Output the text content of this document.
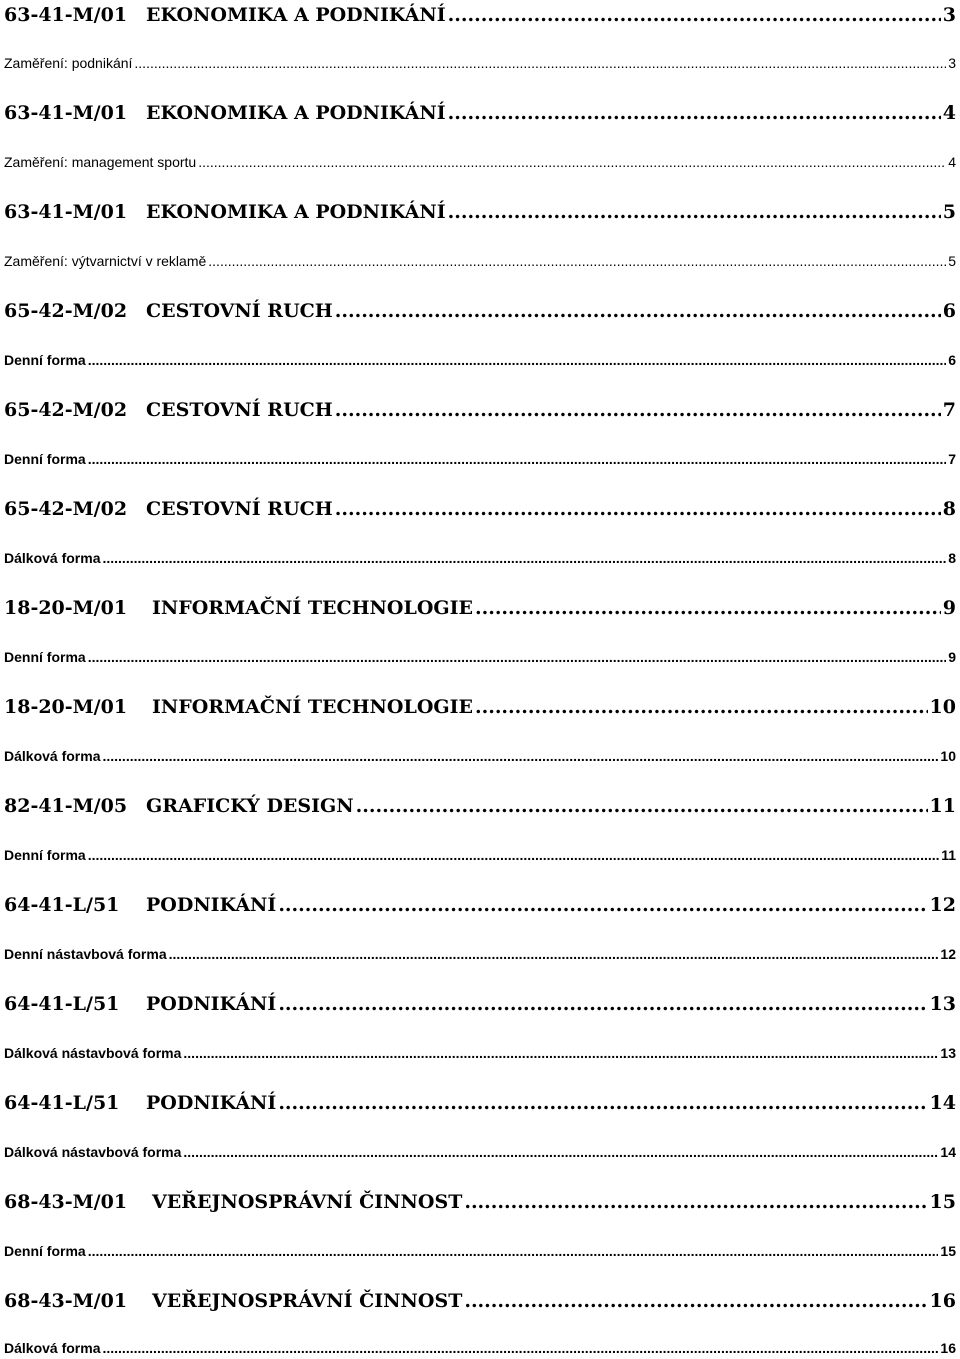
63-41-M/01 EKONOMIKA A PODNIKÁNÍ .....	3
Zaměření: podnikání .....	3
63-41-M/01 EKONOMIKA A PODNIKÁNÍ .....	4
Zaměření: management sportu .....	4
63-41-M/01 EKONOMIKA A PODNIKÁNÍ .....	5
Zaměření: výtvarnictví v reklamě .....	5
65-42-M/02 CESTOVNÍ RUCH .....	6
Denní forma .....	6
65-42-M/02 CESTOVNÍ RUCH .....	7
Denní forma .....	7
65-42-M/02 CESTOVNÍ RUCH .....	8
Dálková forma .....	8
18-20-M/01	INFORMAČNÍ TECHNOLOGIE .....	9
Denní forma .....	9
18-20-M/01	INFORMAČNÍ TECHNOLOGIE .....	10
Dálková forma .....	10
82-41-M/05 GRAFICKÝ DESIGN .....	11
Denní forma .....	11
64-41-L/51	PODNIKÁNÍ .....	12
Denní nástavbová forma .....	12
64-41-L/51	PODNIKÁNÍ .....	13
Dálková nástavbová forma .....	13
64-41-L/51	PODNIKÁNÍ .....	14
Dálková nástavbová forma .....	14
68-43-M/01	VEŘEJNOSPRÁVNÍ ČINNOST .....	15
Denní forma .....	15
68-43-M/01	VEŘEJNOSPRÁVNÍ ČINNOST .....	16
Dálková forma .....	16
